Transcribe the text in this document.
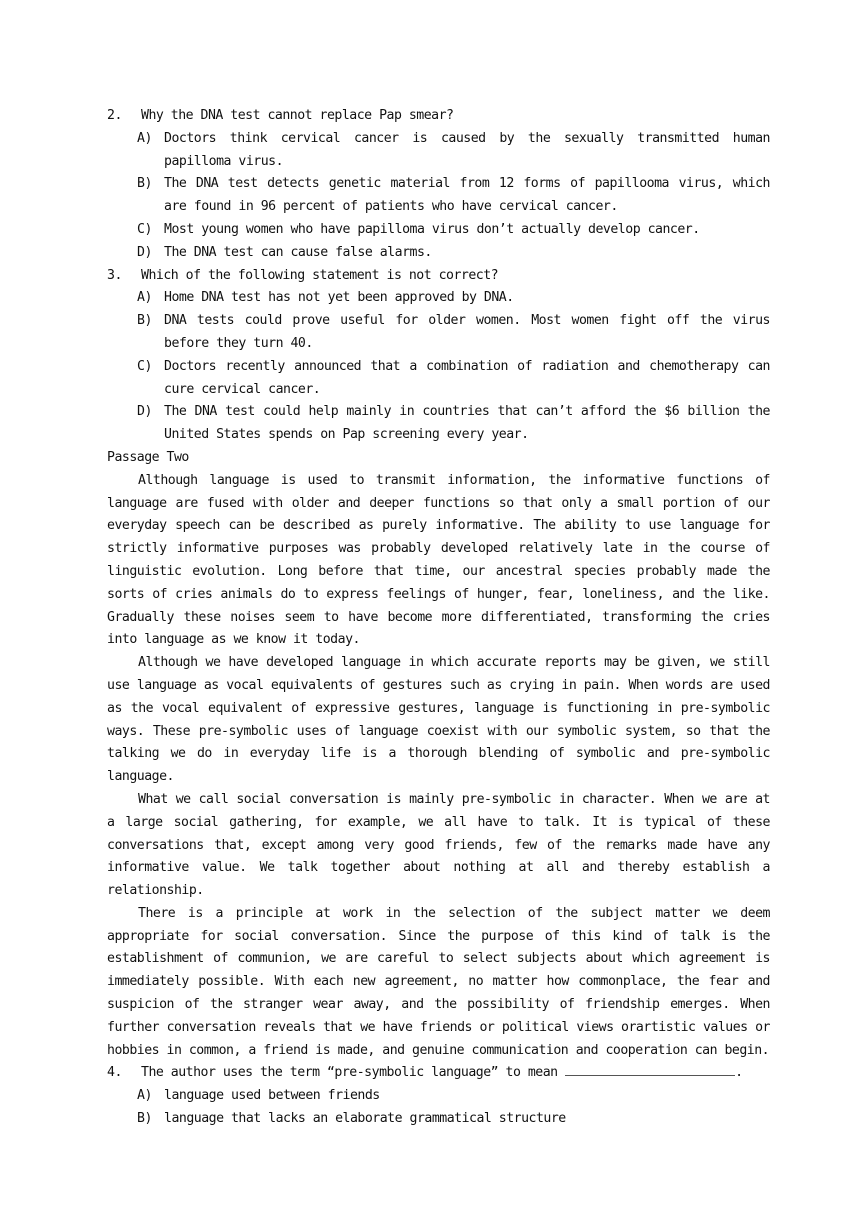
2.	Why the DNA test cannot replace Pap smear?
A) Doctors think cervical cancer is caused by the sexually transmitted human papilloma virus.
B) The DNA test detects genetic material from 12 forms of papillooma virus, which are found in 96 percent of patients who have cervical cancer.
C) Most young women who have papilloma virus don’t actually develop cancer.
D) The DNA test can cause false alarms.
3.	Which of the following statement is not correct?
A) Home DNA test has not yet been approved by DNA.
B) DNA tests could prove useful for older women. Most women fight off the virus before they turn 40.
C) Doctors recently announced that a combination of radiation and chemotherapy can cure cervical cancer.
D) The DNA test could help mainly in countries that can’t afford the $6 billion the United States spends on Pap screening every year.
Passage Two

Although language is used to transmit information, the informative functions of language are fused with older and deeper functions so that only a small portion of our everyday speech can be described as purely informative. The ability to use language for strictly informative purposes was probably developed relatively late in the course of linguistic evolution. Long before that time, our ancestral species probably made the sorts of cries animals do to express feelings of hunger, fear, loneliness, and the like. Gradually these noises seem to have become more differentiated, transforming the cries into language as we know it today.

Although we have developed language in which accurate reports may be given, we still use language as vocal equivalents of gestures such as crying in pain. When words are used as the vocal equivalent of expressive gestures, language is functioning in pre-symbolic ways. These pre-symbolic uses of language coexist with our symbolic system, so that the talking we do in everyday life is a thorough blending of symbolic and pre-symbolic language.

What we call social conversation is mainly pre-symbolic in character. When we are at a large social gathering, for example, we all have to talk. It is typical of these conversations that, except among very good friends, few of the remarks made have any informative value. We talk together about nothing at all and thereby establish a relationship.

There is a principle at work in the selection of the subject matter we deem appropriate for social conversation. Since the purpose of this kind of talk is the establishment of communion, we are careful to select subjects about which agreement is immediately possible. With each new agreement, no matter how commonplace, the fear and suspicion of the stranger wear away, and the possibility of friendship emerges. When further conversation reveals that we have friends or political views orartistic values or hobbies in common, a friend is made, and genuine communication and cooperation can begin.

4.	The author uses the term “pre-symbolic language” to mean	.
A) language used between friends
B) language that lacks an elaborate grammatical structure
